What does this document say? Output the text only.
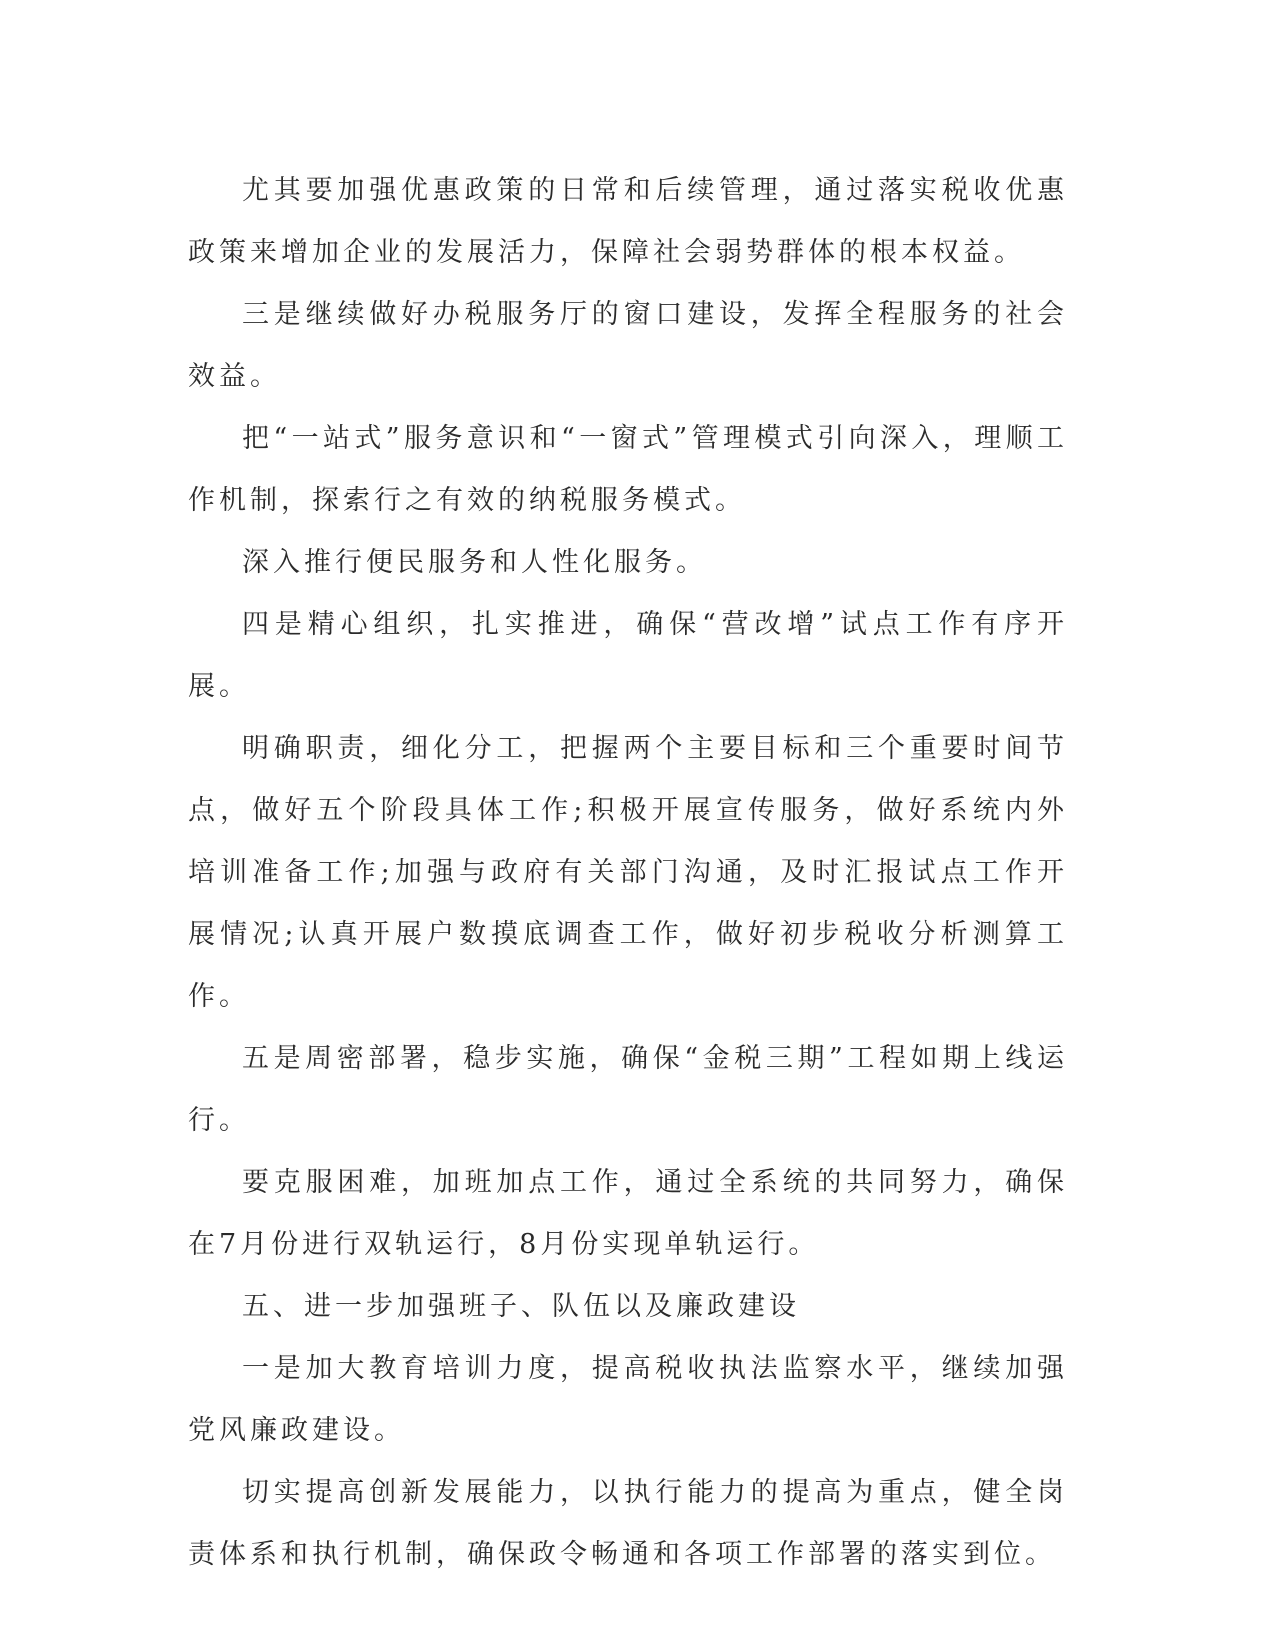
尤其要加强优惠政策的日常和后续管理，通过落实税收优惠政策来增加企业的发展活力，保障社会弱势群体的根本权益。

三是继续做好办税服务厅的窗口建设，发挥全程服务的社会效益。

把“一站式”服务意识和“一窗式”管理模式引向深入，理顺工作机制，探索行之有效的纳税服务模式。

深入推行便民服务和人性化服务。

四是精心组织，扎实推进，确保“营改增”试点工作有序开展。

明确职责，细化分工，把握两个主要目标和三个重要时间节点，做好五个阶段具体工作;积极开展宣传服务，做好系统内外培训准备工作;加强与政府有关部门沟通，及时汇报试点工作开展情况;认真开展户数摸底调查工作，做好初步税收分析测算工作。

五是周密部署，稳步实施，确保“金税三期”工程如期上线运行。

要克服困难，加班加点工作，通过全系统的共同努力，确保在7月份进行双轨运行，8月份实现单轨运行。

五、进一步加强班子、队伍以及廉政建设

一是加大教育培训力度，提高税收执法监察水平，继续加强党风廉政建设。

切实提高创新发展能力，以执行能力的提高为重点，健全岗责体系和执行机制，确保政令畅通和各项工作部署的落实到位。
